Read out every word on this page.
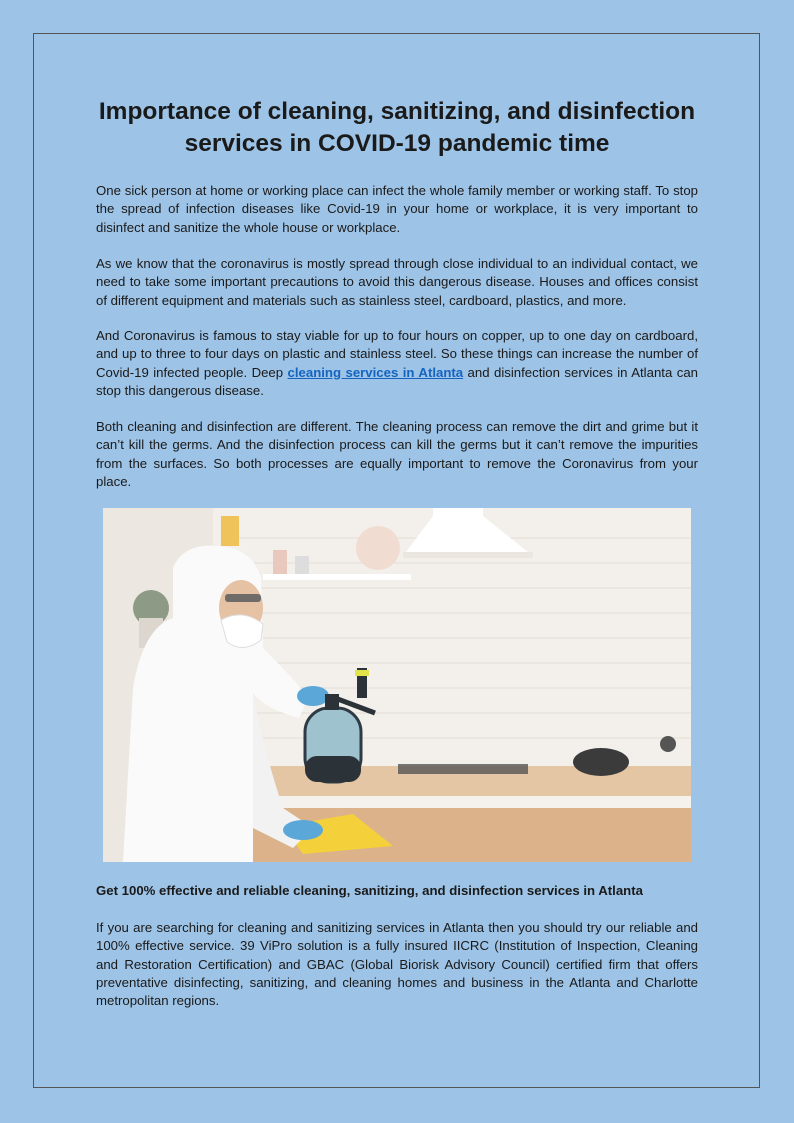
Importance of cleaning, sanitizing, and disinfection services in COVID-19 pandemic time

One sick person at home or working place can infect the whole family member or working staff. To stop the spread of infection diseases like Covid-19 in your home or workplace, it is very important to disinfect and sanitize the whole house or workplace.

As we know that the coronavirus is mostly spread through close individual to an individual contact, we need to take some important precautions to avoid this dangerous disease. Houses and offices consist of different equipment and materials such as stainless steel, cardboard, plastics, and more.

And Coronavirus is famous to stay viable for up to four hours on copper, up to one day on cardboard, and up to three to four days on plastic and stainless steel. So these things can increase the number of Covid-19 infected people. Deep cleaning services in Atlanta and disinfection services in Atlanta can stop this dangerous disease.

Both cleaning and disinfection are different. The cleaning process can remove the dirt and grime but it can’t kill the germs. And the disinfection process can kill the germs but it can’t remove the impurities from the surfaces. So both processes are equally important to remove the Coronavirus from your place.

Get 100% effective and reliable cleaning, sanitizing, and disinfection services in Atlanta

If you are searching for cleaning and sanitizing services in Atlanta then you should try our reliable and 100% effective service. 39 ViPro solution is a fully insured IICRC (Institution of Inspection, Cleaning and Restoration Certification) and GBAC (Global Biorisk Advisory Council) certified firm that offers preventative disinfecting, sanitizing, and cleaning homes and business in the Atlanta and Charlotte metropolitan regions.
